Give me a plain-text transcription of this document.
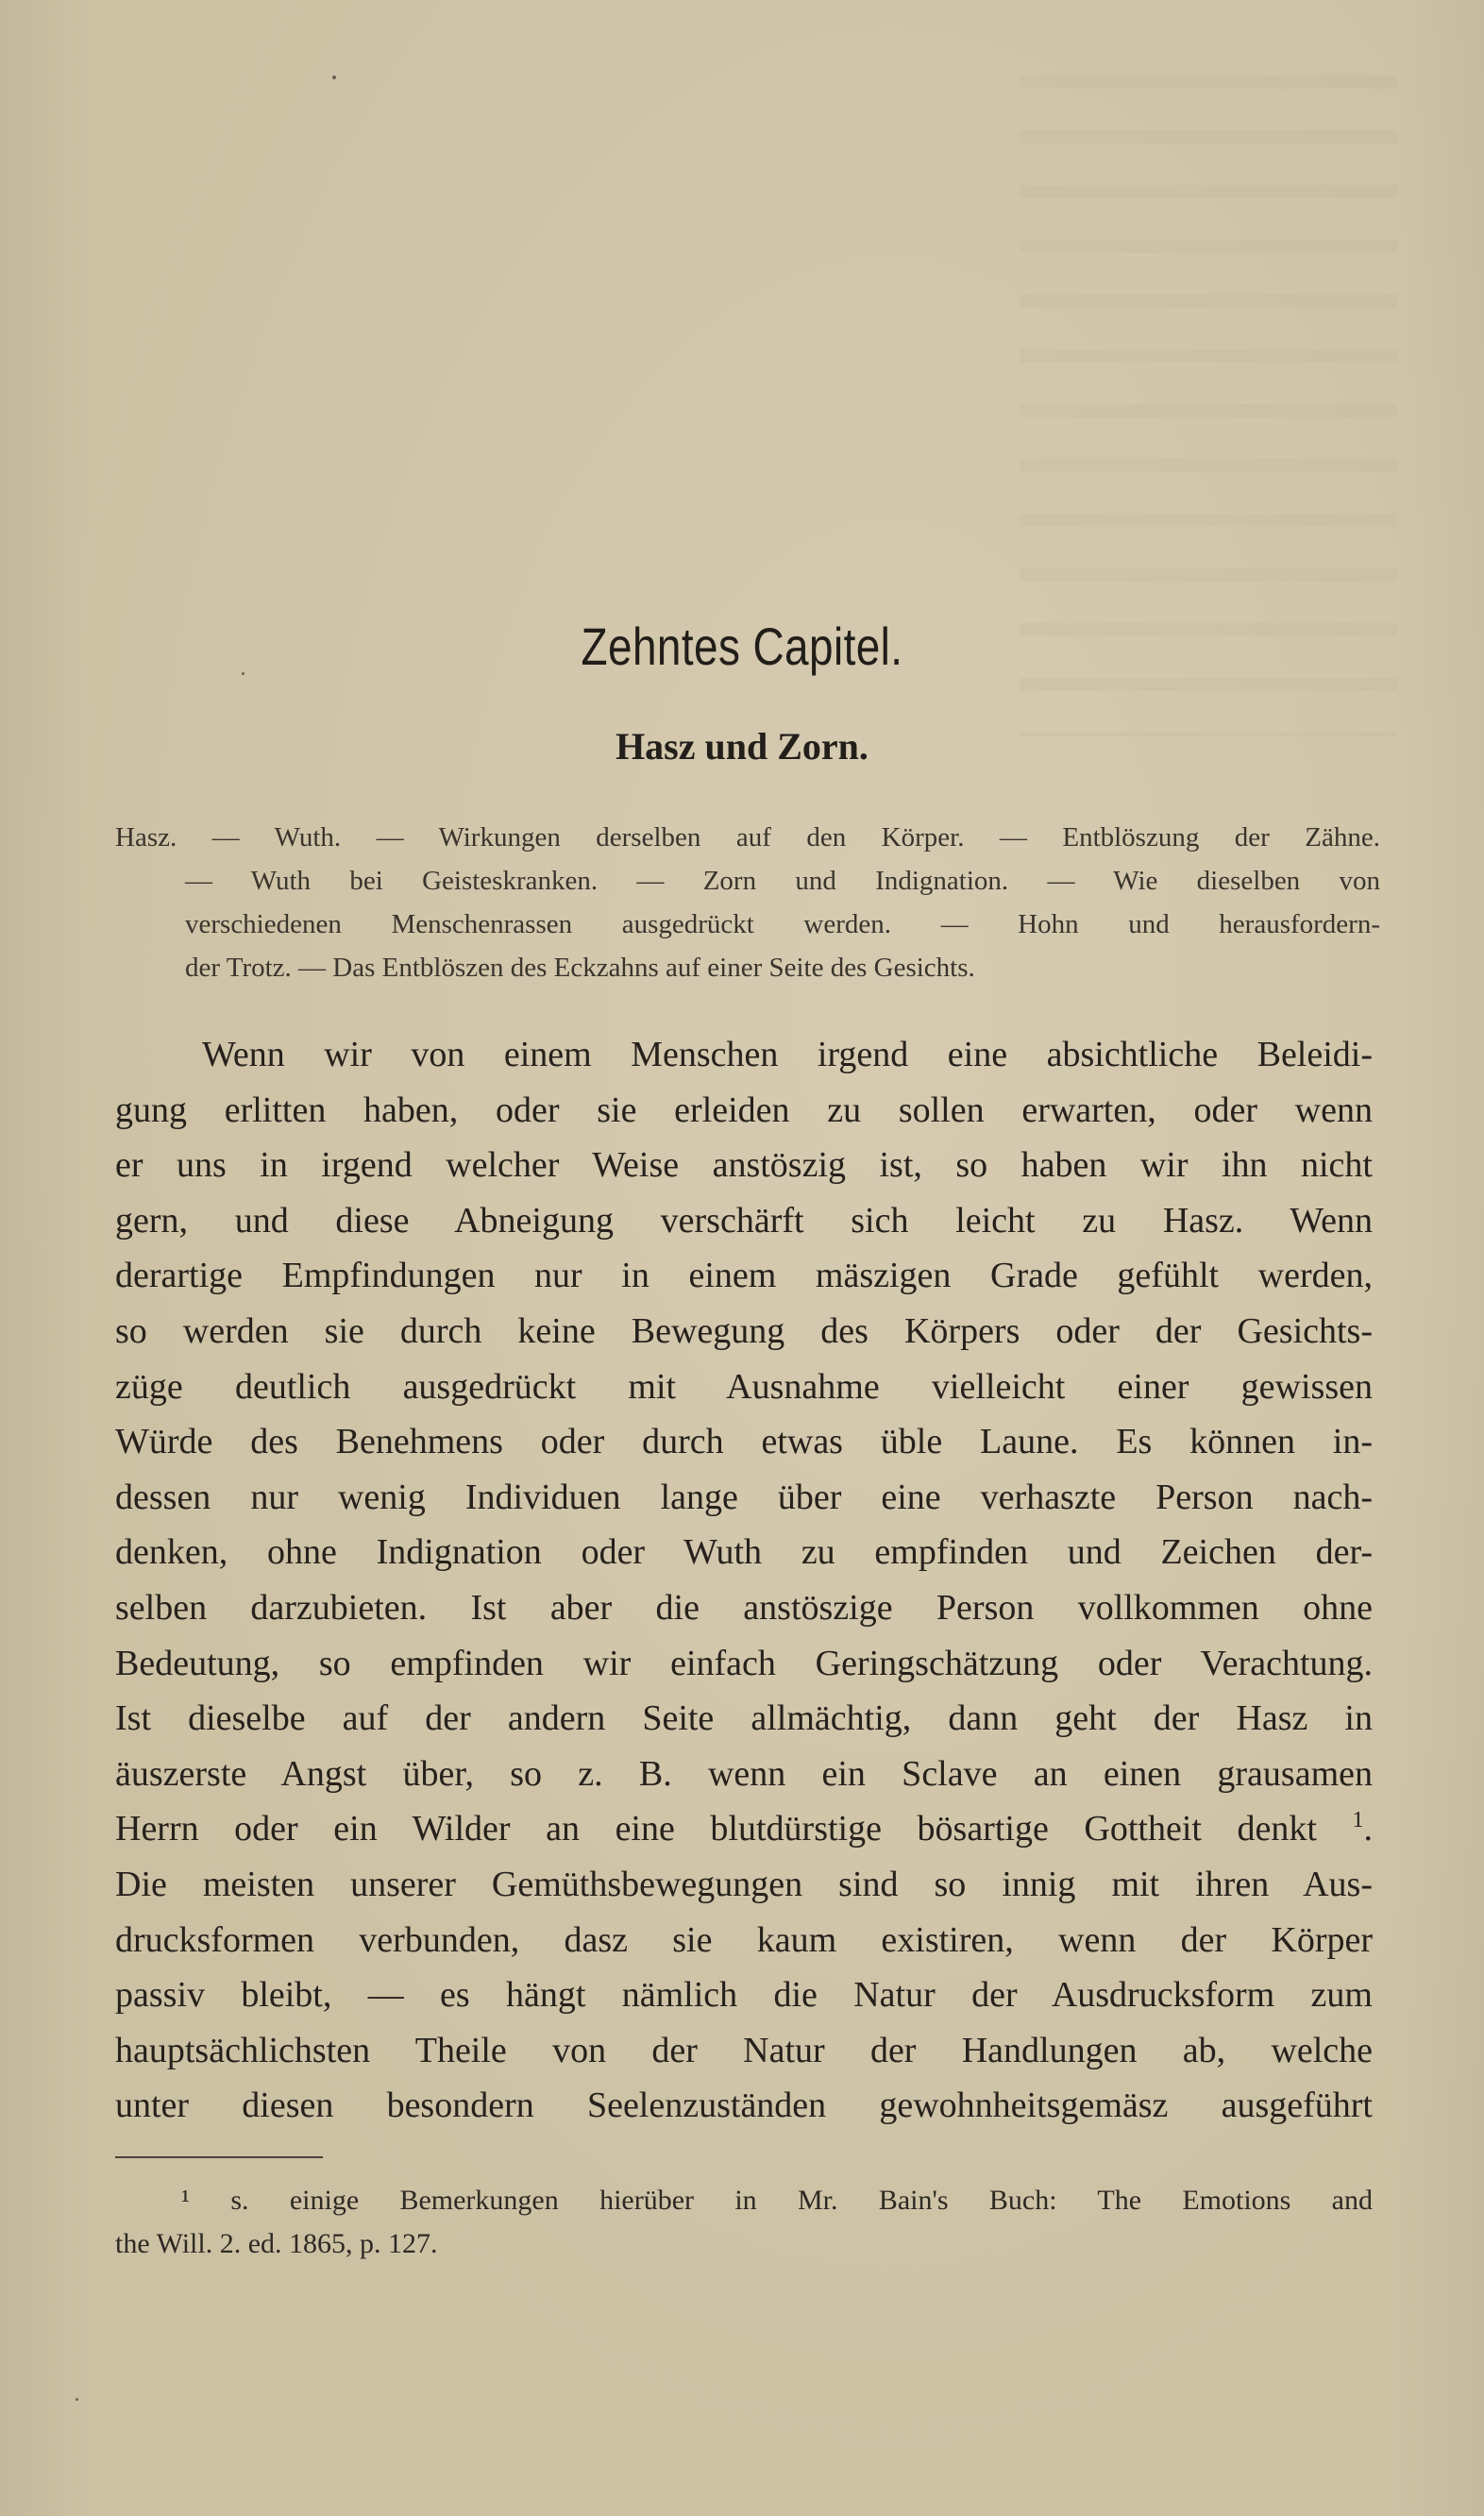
Zehntes Capitel.
Hasz und Zorn.
Hasz. — Wuth. — Wirkungen derselben auf den Körper. — Entblöszung der Zähne.
— Wuth bei Geisteskranken. — Zorn und Indignation. — Wie dieselben von
verschiedenen Menschenrassen ausgedrückt werden. — Hohn und herausfordern-
der Trotz. — Das Entblöszen des Eckzahns auf einer Seite des Gesichts.
Wenn wir von einem Menschen irgend eine absichtliche Beleidi-
gung erlitten haben, oder sie erleiden zu sollen erwarten, oder wenn
er uns in irgend welcher Weise anstöszig ist, so haben wir ihn nicht
gern, und diese Abneigung verschärft sich leicht zu Hasz. Wenn
derartige Empfindungen nur in einem mäszigen Grade gefühlt werden,
so werden sie durch keine Bewegung des Körpers oder der Gesichts-
züge deutlich ausgedrückt mit Ausnahme vielleicht einer gewissen
Würde des Benehmens oder durch etwas üble Laune. Es können in-
dessen nur wenig Individuen lange über eine verhaszte Person nach-
denken, ohne Indignation oder Wuth zu empfinden und Zeichen der-
selben darzubieten. Ist aber die anstöszige Person vollkommen ohne
Bedeutung, so empfinden wir einfach Geringschätzung oder Verachtung.
Ist dieselbe auf der andern Seite allmächtig, dann geht der Hasz in
äuszerste Angst über, so z. B. wenn ein Sclave an einen grausamen
Herrn oder ein Wilder an eine blutdürstige bösartige Gottheit denkt $^1$.
Die meisten unserer Gemüthsbewegungen sind so innig mit ihren Aus-
drucksformen verbunden, dasz sie kaum existiren, wenn der Körper
passiv bleibt, — es hängt nämlich die Natur der Ausdrucksform zum
hauptsächlichsten Theile von der Natur der Handlungen ab, welche
unter diesen besondern Seelenzuständen gewohnheitsgemäsz ausgeführt
¹ s. einige Bemerkungen hierüber in Mr. Bain's Buch: The Emotions and
the Will. 2. ed. 1865, p. 127.
